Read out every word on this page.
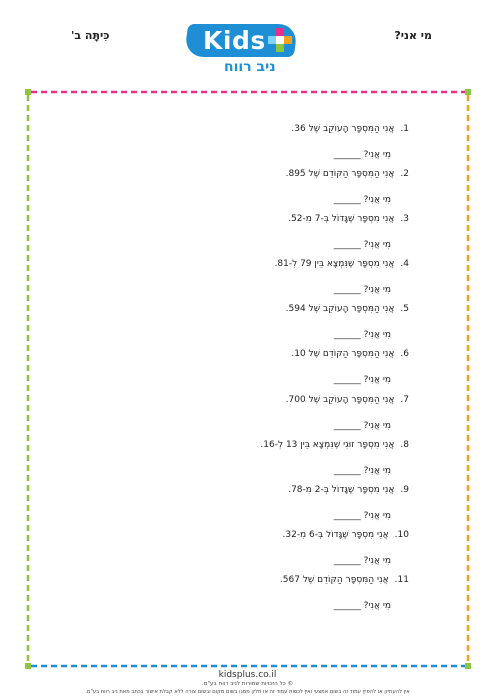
מי אני?
כִּיתָּה ב'	Kids
ניב רווח
1.אֲנִי הַמִּסְפָּר הָעוֹקֵב שֶׁל 36.
מִי אֲנִי? ______
2.אֲנִי הַמִּסְפָּר הַקּוֹדֵם שֶׁל 895.
מִי אֲנִי? ______
3.אֲנִי מִסְפָּר שֶׁגָּדוֹל בְּ-7 מִ-52.
מִי אֲנִי? ______
4.אֲנִי מִסְפָּר שֶׁנִּמְצָא בֵּין 79 לְ-81.
מִי אֲנִי? ______
5.אֲנִי הַמִּסְפָּר הָעוֹקֵב שֶׁל 594.
מִי אֲנִי? ______
6.אֲנִי הַמִּסְפָּר הַקּוֹדֵם שֶׁל 10.
מִי אֲנִי? ______
7.אֲנִי הַמִּסְפָּר הָעוֹקֵב שֶׁל 700.
מִי אֲנִי? ______
8.אֲנִי מִסְפָּר זוּגִי שֶׁנִּמְצָא בֵּין 13 לְ-16.
מִי אֲנִי? ______
9.אֲנִי מִסְפָּר שֶׁגָּדוֹל בְּ-2 מִ-78.
מִי אֲנִי? ______
10.אֲנִי מִסְפָּר שֶׁגָּדוֹל בְּ-6 מִ-32.
מִי אֲנִי? ______
11.אֲנִי הַמִּסְפָּר הַקּוֹדֵם שֶׁל 567.
מִי אֲנִי? ______
kidsplus.co.il
© כל הזכויות שמורות לניב רווח בע"מ.
אין להעתיק או להפיץ עמוד זה בשום אמצעי ואין לכסות עמוד זה או חלק ממנו בשום מקום ובשום צורה ללא קבלת אישור בכתב מאת ניב רווח בע"מ.
